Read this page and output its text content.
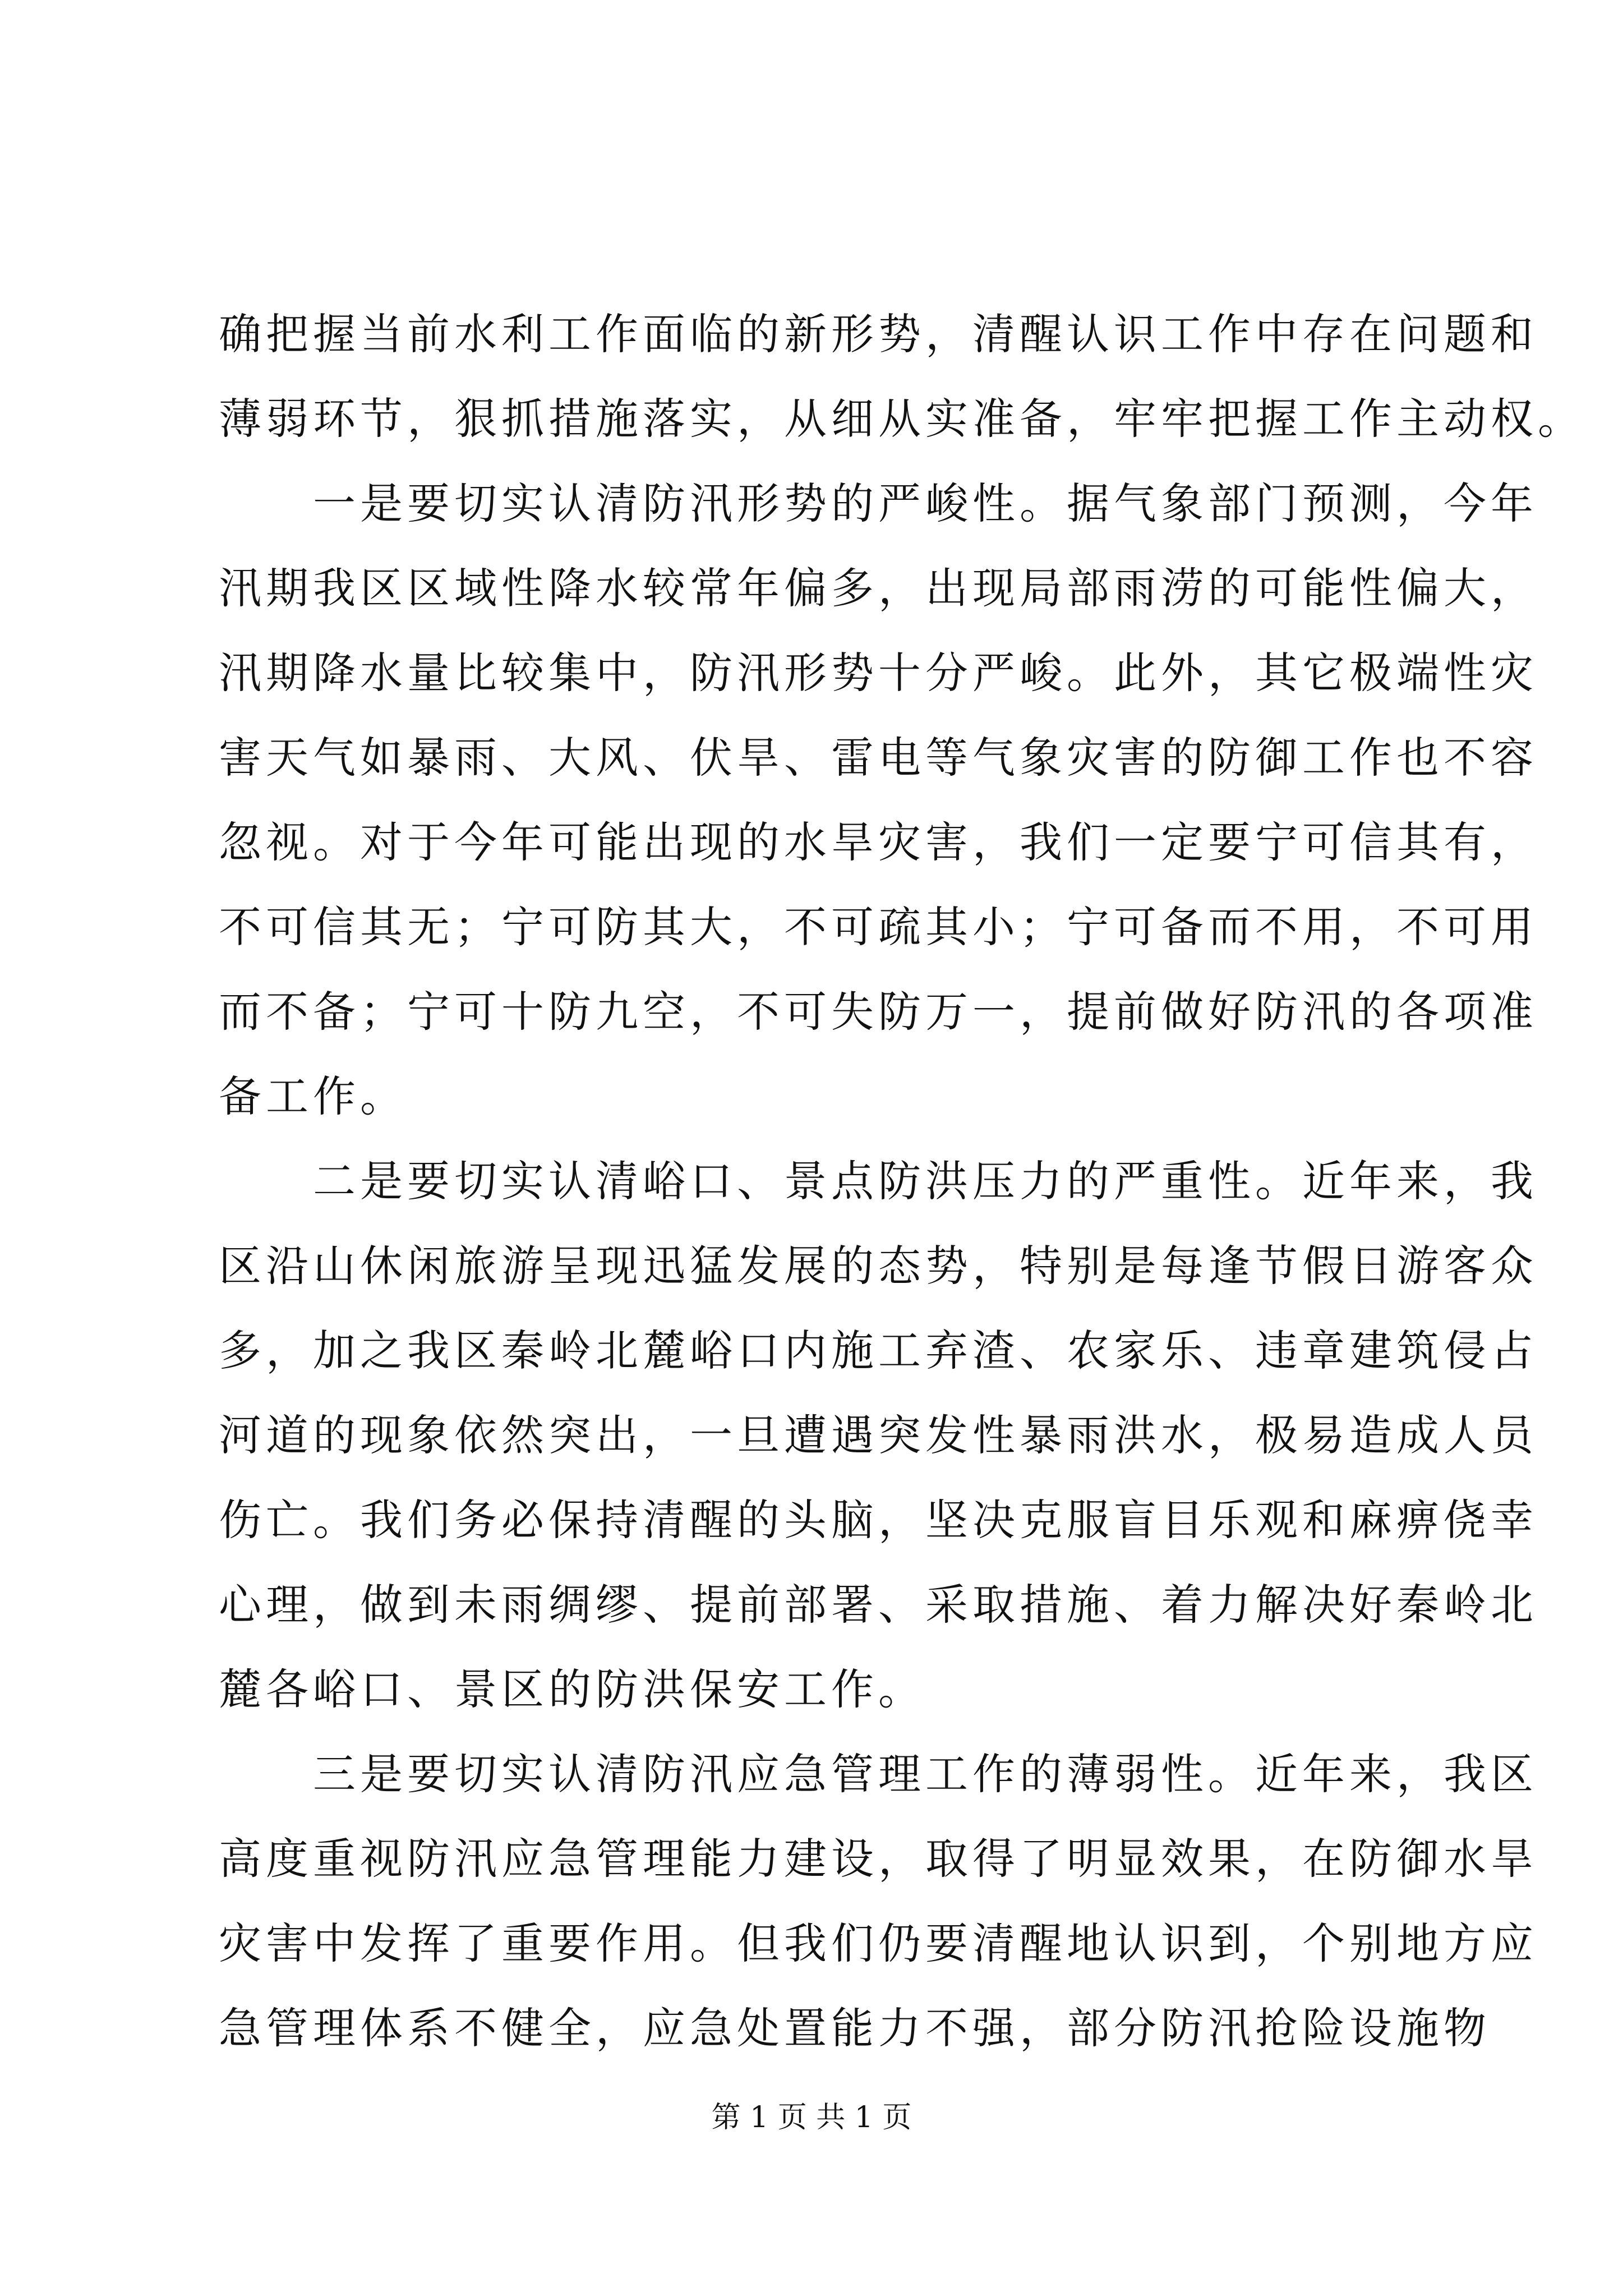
确把握当前水利工作面临的新形势，清醒认识工作中存在问题和
薄弱环节，狠抓措施落实，从细从实准备，牢牢把握工作主动权。
　　一是要切实认清防汛形势的严峻性。据气象部门预测，今年
汛期我区区域性降水较常年偏多，出现局部雨涝的可能性偏大，
汛期降水量比较集中，防汛形势十分严峻。此外，其它极端性灾
害天气如暴雨、大风、伏旱、雷电等气象灾害的防御工作也不容
忽视。对于今年可能出现的水旱灾害，我们一定要宁可信其有，
不可信其无；宁可防其大，不可疏其小；宁可备而不用，不可用
而不备；宁可十防九空，不可失防万一，提前做好防汛的各项准
备工作。
　　二是要切实认清峪口、景点防洪压力的严重性。近年来，我
区沿山休闲旅游呈现迅猛发展的态势，特别是每逢节假日游客众
多，加之我区秦岭北麓峪口内施工弃渣、农家乐、违章建筑侵占
河道的现象依然突出，一旦遭遇突发性暴雨洪水，极易造成人员
伤亡。我们务必保持清醒的头脑，坚决克服盲目乐观和麻痹侥幸
心理，做到未雨绸缪、提前部署、采取措施、着力解决好秦岭北
麓各峪口、景区的防洪保安工作。
　　三是要切实认清防汛应急管理工作的薄弱性。近年来，我区
高度重视防汛应急管理能力建设，取得了明显效果，在防御水旱
灾害中发挥了重要作用。但我们仍要清醒地认识到，个别地方应
急管理体系不健全，应急处置能力不强，部分防汛抢险设施物
第 1 页 共 1 页
